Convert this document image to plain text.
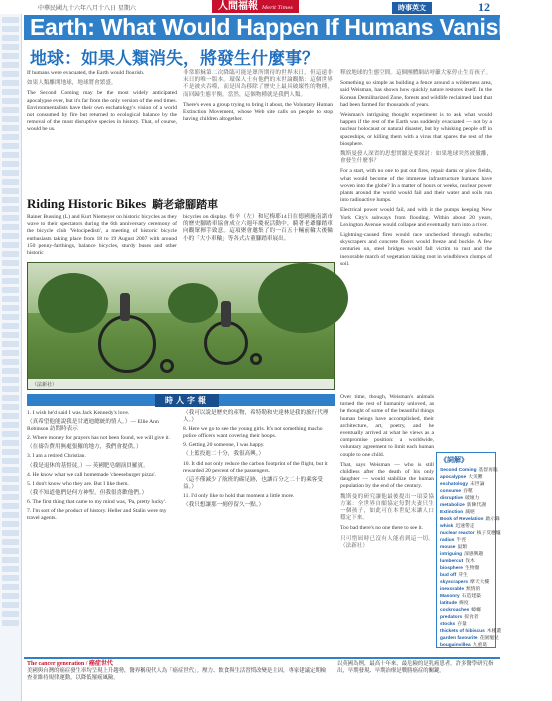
中華民國九十六年八月十八日 星期六	人間福報 Merit Times	時事英文	12
Earth: What Would Happen If Humans Vanished?
地球：如果人類消失，將發生什麼事？

If humans were evacuated, the Earth would flourish.

如果人類離開地球，地球將會繁盛。

The Second Coming may be the most widely anticipated apocalypse ever, but it's far from the only version of the end times. Environmentalists have their own eschatology's vision of a world not consumed by fire but returned to ecological balance by the removal of the most disruptive species in history. That, of course, would be us.

非常耶穌第二次降臨可能是眾所期待的世界末日，但這遠非末日的唯一版本。環保人士有他們的末世論觀點：這個世界不是被火吞噬，而是因為移除了歷史上最具破壞性的物種，而回歸生態平衡。當然，這個物種就是我們人類。

There's even a group trying to bring it about, the Voluntary Human Extinction Movement, whose Web site calls on people to stop having children altogether.

釋放地球的生態空間。這個團體網站呼籲大家停止生育孩子。

Something so simple as building a fence around a wilderness area, said Weisman, has shown how quickly nature restores itself. In the Korean Demilitarized Zone, forests and wildlife reclaimed land that had been farmed for thousands of years.

Weisman's intriguing thought experiment is to ask what would happen if the rest of the Earth was suddenly evacuated — not by a nuclear holocaust or natural disaster, but by whisking people off in spaceships, or killing them with a virus that spares the rest of the biosphere.

魏斯曼發人深省的思想實驗是要探討：如果地球突然被撤離，會發生什麼事？

For a start, with no one to put out fires, repair dams or plow fields, what would become of the immense infrastructure humans have woven into the globe? In a matter of hours or weeks, nuclear power plants around the world would fail and their water and soils run into radioactive lumps.

Electrical power would fail, and with it the pumps keeping New York City's subways from flooding. Within about 20 years, Lexington Avenue would collapse and eventually turn into a river.

Lightning-caused fires would race unchecked through suburbs; skyscrapers and concrete floors would freeze and buckle. A few centuries on, steel bridges would fall victim to rust and the inexorable march of vegetation taking root in windblown clumps of soil.

Riding Historic Bikes 騎老爺腳踏車

Rainer Bussing (L) and Kurt Niemeyer on historic bicycles as they wave to their spectators during the 6th anniversary ceremony of the bicycle club 'Velocipedisti', a meeting of historic bicycle enthusiasts taking place from 18 to 19 August 2007 with around 150 penny-farthings, balance bicycles, sturdy buses and other historic

bicycles on display. 布辛（左）和尼梅耶14日在德國施南諾市的歷史腳踏車協會成立六週年慶祝活動中，騎著老爺腳踏車向觀眾揮手致意。這項聚會邀集了約一百五十輛前輪大後輪小的「大小車輪」等各式古董腳踏車展出。

（法新社）
時人字報
1. I wish he'd said I was Jack Kennedy's love.
（真希望他能說我是甘迺迪總統的情人。）— Ellie Ann Robinson 訪問時表示
2. Where money for prayers has not been found, we will give it.
（在禱告費用無處張羅的地方，我們會提供。）
3. I am a retired Christian.
（我是退休的基督徒。）— 英國肥皂劇演員羅賓。
4. He know what we call homemade 'cheeseburger pizza'.
5. I don't know who they are. But I like them.
（我不知道他們是何方神聖，但我很喜歡他們。）
6. The first thing that came to my mind was, 'Pa, pretty lucky'.
7. I'm sort of the product of history. Heller and Stalin were my travel agents.
（我可以說是歷史的產物，希特勒和史達林是我的旅行代理人。）
8. Here we go to see the young girls. It's not something macho police officers want covering their hoops.
9. Getting 20 someone, I was happy.
（上籃投進二十分，我很高興。）
10. It did not only reduce the carbon footprint of the flight, but it rewarded 20 percent of the passengers.
（這不僅減少了航班的碳足跡，也讓百分之二十的乘客受益。）
11. I'd only like to hold that moment a little more.
（我只想讓那一刻停留久一點。）

Over time, though, Weisman's animals turned the rest of humanity unloved, as he thought of some of the beautiful things human beings have accomplished, their architecture, art, poetry, and he eventually arrived at what he views as a compromise position: a worldwide, voluntary agreement to limit each human couple to one child.

That, says Weisman — who is still childless after the death of his only daughter — would stabilize the human population by the end of the century.

魏斯曼的研究讓他最後提出一項妥協方案：全世界自願協定每對夫妻只生一個孩子，如此可在本世紀末讓人口穩定下來。

Too bad there's no one there to see it.

只可惜屆時已沒有人能看到這一切。（法新社）

《詞解》
Second Coming 基督再臨
apocalypse 大災難
eschatology 末世論
consume 吞噬
disruptive 破壞力
metabolize 新陳代謝
Extinction 滅絕
Book of Revelation 啟示錄
whisk 迅速帶走
nuclear reactor 核子反應爐
radius 半徑
mouse 鼠類
intriguing 深感興趣
lumbercut 伐木
biosphere 生物圈
bud off 芽生
skyscrapers 摩天大樓
inexorable 無情的
Masonry 石造建築
latitude 緯度
cockroaches 蟑螂
predators 掠食者
stocks 存量
thickets of hibiscus 木槿叢
garden favourite 花園寵兒
bougainvillea 九重葛
The cancer generation / 癌症世代
美國與台灣的癌症發生率均呈現上升趨勢，醫界稱現代人為「癌症世代」。壓力、飲食與生活習慣改變是主因，專家建議定期檢查並維持規律運動，以降低罹癌風險。
以英國為例，最高十年來，最危險的是乳癌患者。許多醫學研究指出，早期發現、早期治療是戰勝癌症的關鍵。
